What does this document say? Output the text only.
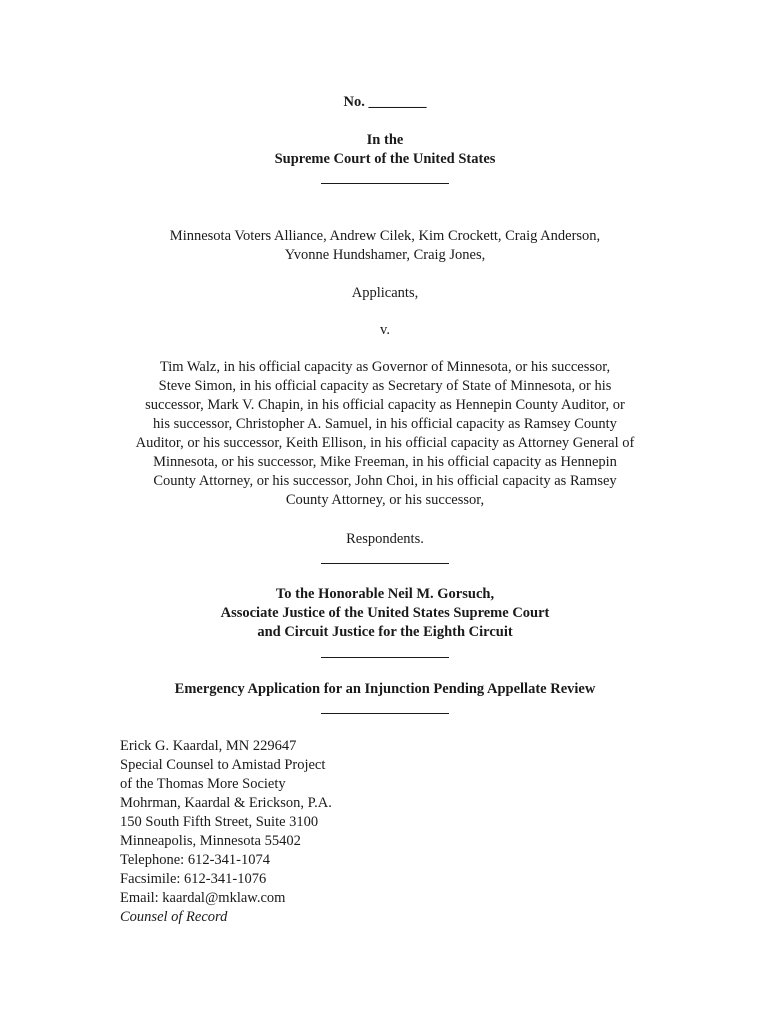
No. ________
In the
Supreme Court of the United States
Minnesota Voters Alliance, Andrew Cilek, Kim Crockett, Craig Anderson,
Yvonne Hundshamer, Craig Jones,
Applicants,
v.
Tim Walz, in his official capacity as Governor of Minnesota, or his successor,
Steve Simon, in his official capacity as Secretary of State of Minnesota, or his
successor, Mark V. Chapin, in his official capacity as Hennepin County Auditor, or
his successor, Christopher A. Samuel, in his official capacity as Ramsey County
Auditor, or his successor, Keith Ellison, in his official capacity as Attorney General of
Minnesota, or his successor, Mike Freeman, in his official capacity as Hennepin
County Attorney, or his successor, John Choi, in his official capacity as Ramsey
County Attorney, or his successor,
Respondents.
To the Honorable Neil M. Gorsuch,
Associate Justice of the United States Supreme Court
and Circuit Justice for the Eighth Circuit
Emergency Application for an Injunction Pending Appellate Review
Erick G. Kaardal, MN 229647
Special Counsel to Amistad Project
of the Thomas More Society
Mohrman, Kaardal & Erickson, P.A.
150 South Fifth Street, Suite 3100
Minneapolis, Minnesota 55402
Telephone: 612-341-1074
Facsimile: 612-341-1076
Email: kaardal@mklaw.com
Counsel of Record
